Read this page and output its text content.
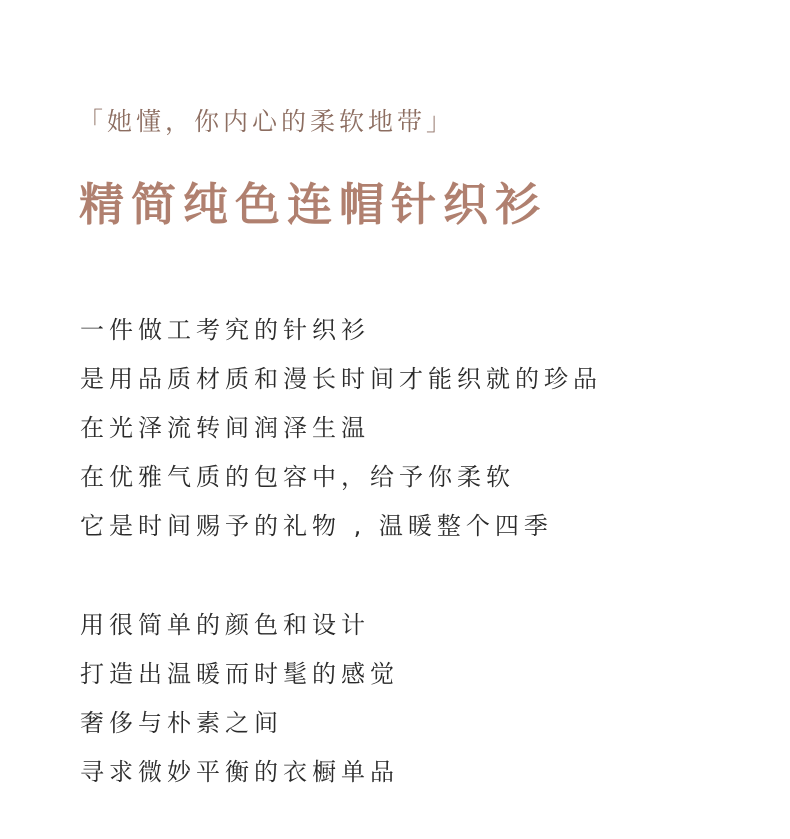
「她懂，你内心的柔软地带」
精简纯色连帽针织衫
一件做工考究的针织衫
是用品质材质和漫长时间才能织就的珍品
在光泽流转间润泽生温
在优雅气质的包容中，给予你柔软
它是时间赐予的礼物 , 温暖整个四季
用很简单的颜色和设计
打造出温暖而时髦的感觉
奢侈与朴素之间
寻求微妙平衡的衣橱单品
